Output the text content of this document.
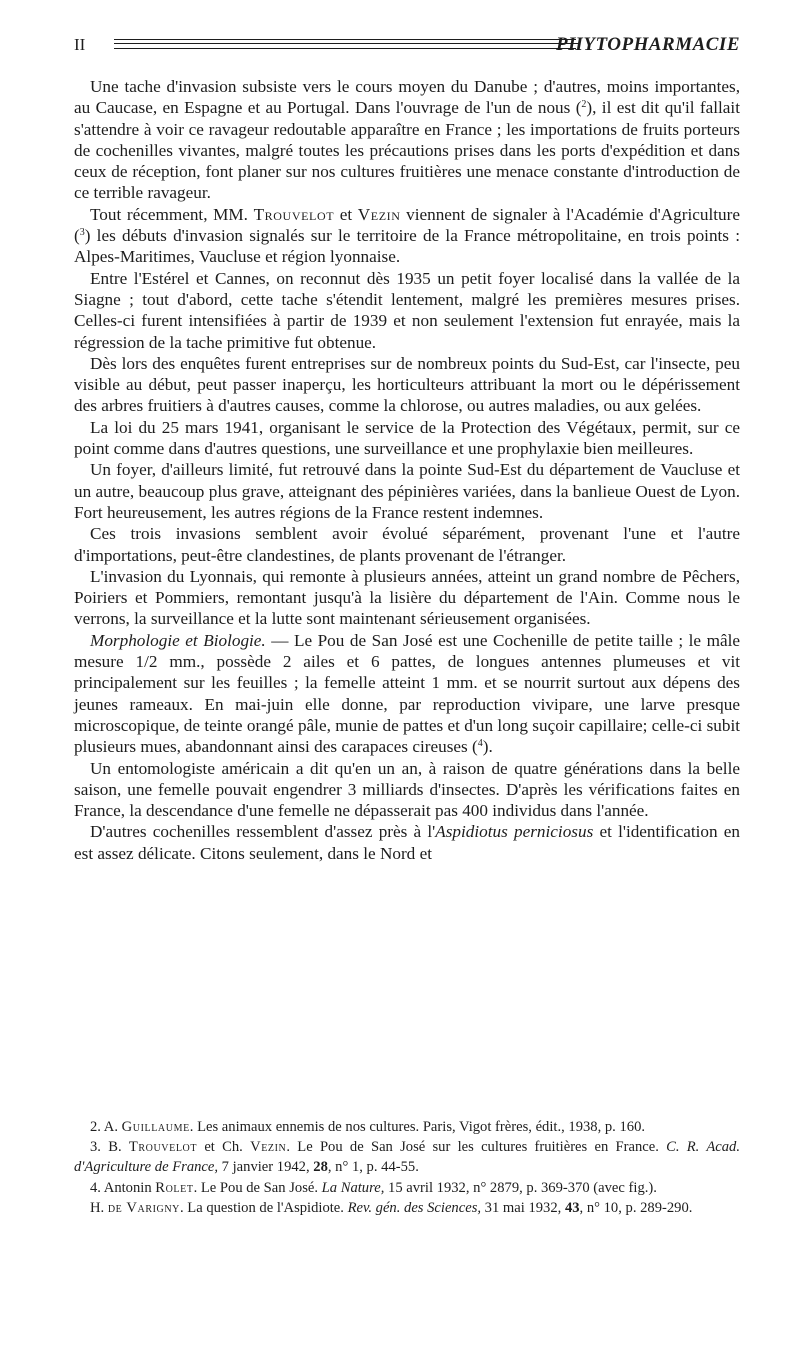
II	PHYTOPHARMACIE

Une tache d'invasion subsiste vers le cours moyen du Danube ; d'autres, moins importantes, au Caucase, en Espagne et au Portugal. Dans l'ouvrage de l'un de nous ($^2$), il est dit qu'il fallait s'attendre à voir ce ravageur redoutable apparaître en France ; les importations de fruits porteurs de cochenilles vivantes, malgré toutes les précautions prises dans les ports d'expédition et dans ceux de réception, font planer sur nos cultures fruitières une menace constante d'introduction de ce terrible ravageur.

Tout récemment, MM. Trouvelot et Vezin viennent de signaler à l'Académie d'Agriculture ($^3$) les débuts d'invasion signalés sur le territoire de la France métropolitaine, en trois points : Alpes-Maritimes, Vaucluse et région lyonnaise.

Entre l'Estérel et Cannes, on reconnut dès 1935 un petit foyer localisé dans la vallée de la Siagne ; tout d'abord, cette tache s'étendit lentement, malgré les premières mesures prises. Celles-ci furent intensifiées à partir de 1939 et non seulement l'extension fut enrayée, mais la régression de la tache primitive fut obtenue.

Dès lors des enquêtes furent entreprises sur de nombreux points du Sud-Est, car l'insecte, peu visible au début, peut passer inaperçu, les horticulteurs attribuant la mort ou le dépérissement des arbres fruitiers à d'autres causes, comme la chlorose, ou autres maladies, ou aux gelées.

La loi du 25 mars 1941, organisant le service de la Protection des Végétaux, permit, sur ce point comme dans d'autres questions, une surveillance et une prophylaxie bien meilleures.

Un foyer, d'ailleurs limité, fut retrouvé dans la pointe Sud-Est du département de Vaucluse et un autre, beaucoup plus grave, atteignant des pépinières variées, dans la banlieue Ouest de Lyon. Fort heureusement, les autres régions de la France restent indemnes.

Ces trois invasions semblent avoir évolué séparément, provenant l'une et l'autre d'importations, peut-être clandestines, de plants provenant de l'étranger.

L'invasion du Lyonnais, qui remonte à plusieurs années, atteint un grand nombre de Pêchers, Poiriers et Pommiers, remontant jusqu'à la lisière du département de l'Ain. Comme nous le verrons, la surveillance et la lutte sont maintenant sérieusement organisées.

Morphologie et Biologie. — Le Pou de San José est une Cochenille de petite taille ; le mâle mesure 1/2 mm., possède 2 ailes et 6 pattes, de longues antennes plumeuses et vit principalement sur les feuilles ; la femelle atteint 1 mm. et se nourrit surtout aux dépens des jeunes rameaux. En mai-juin elle donne, par reproduction vivipare, une larve presque microscopique, de teinte orangé pâle, munie de pattes et d'un long suçoir capillaire; celle-ci subit plusieurs mues, abandonnant ainsi des carapaces cireuses ($^4$).

Un entomologiste américain a dit qu'en un an, à raison de quatre générations dans la belle saison, une femelle pouvait engendrer 3 milliards d'insectes. D'après les vérifications faites en France, la descendance d'une femelle ne dépasserait pas 400 individus dans l'année.

D'autres cochenilles ressemblent d'assez près à l'Aspidiotus perniciosus et l'identification en est assez délicate. Citons seulement, dans le Nord et

2. A. Guillaume. Les animaux ennemis de nos cultures. Paris, Vigot frères, édit., 1938, p. 160.

3. B. Trouvelot et Ch. Vezin. Le Pou de San José sur les cultures fruitières en France. C. R. Acad. d'Agriculture de France, 7 janvier 1942, 28, n° 1, p. 44-55.

4. Antonin Rolet. Le Pou de San José. La Nature, 15 avril 1932, n° 2879, p. 369-370 (avec fig.).

H. de Varigny. La question de l'Aspidiote. Rev. gén. des Sciences, 31 mai 1932, 43, n° 10, p. 289-290.
